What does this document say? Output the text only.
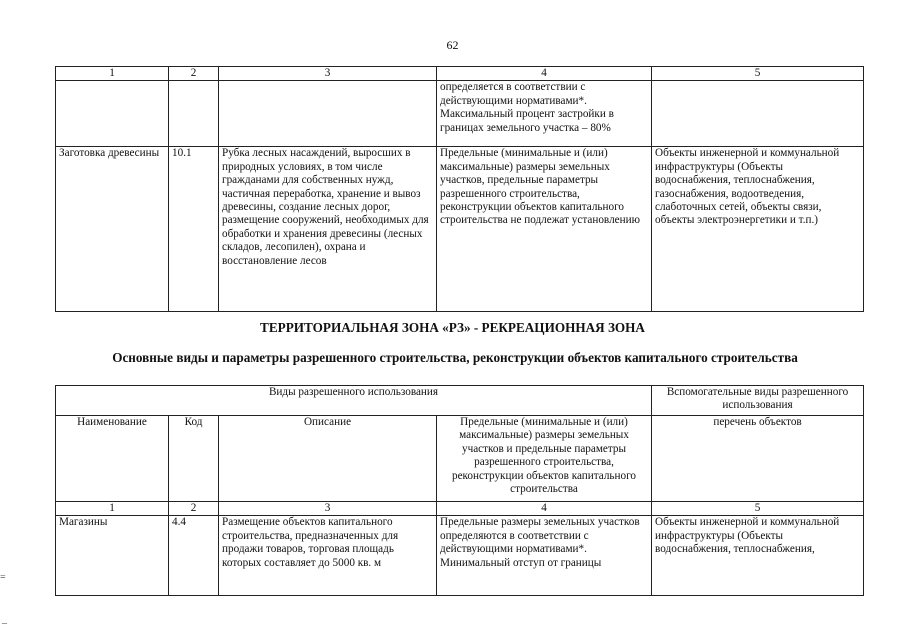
62
1	2	3	4	5
			определяется в соответствии с действующими нормативами*. Максимальный процент застройки в границах земельного участка – 80%	
Заготовка древесины	10.1	Рубка лесных насаждений, выросших в природных условиях, в том числе гражданами для собственных нужд, частичная переработка, хранение и вывоз древесины, создание лесных дорог, размещение сооружений, необходимых для обработки и хранения древесины (лесных складов, лесопилен), охрана и восстановление лесов	Предельные (минимальные и (или) максимальные) размеры земельных участков, предельные параметры разрешенного строительства, реконструкции объектов капитального строительства не подлежат установлению	Объекты инженерной и коммунальной инфраструктуры (Объекты водоснабжения, теплоснабжения, газоснабжения, водоотведения, слаботочных сетей, объекты связи, объекты электроэнергетики и т.п.)
ТЕРРИТОРИАЛЬНАЯ ЗОНА «РЗ» - РЕКРЕАЦИОННАЯ ЗОНА
Основные виды и параметры разрешенного строительства, реконструкции объектов капитального строительства
Виды разрешенного использования				Вспомогательные виды разрешенного использования
Наименование	Код	Описание	Предельные (минимальные и (или) максимальные) размеры земельных участков и предельные параметры разрешенного строительства, реконструкции объектов капитального строительства	перечень объектов
1	2	3	4	5
Магазины	4.4	Размещение объектов капитального строительства, предназначенных для продажи товаров, торговая площадь которых составляет до 5000 кв. м	Предельные размеры земельных участков определяются в соответствии с действующими нормативами*. Минимальный отступ от границы	Объекты инженерной и коммунальной инфраструктуры (Объекты водоснабжения, теплоснабжения,
=
–
